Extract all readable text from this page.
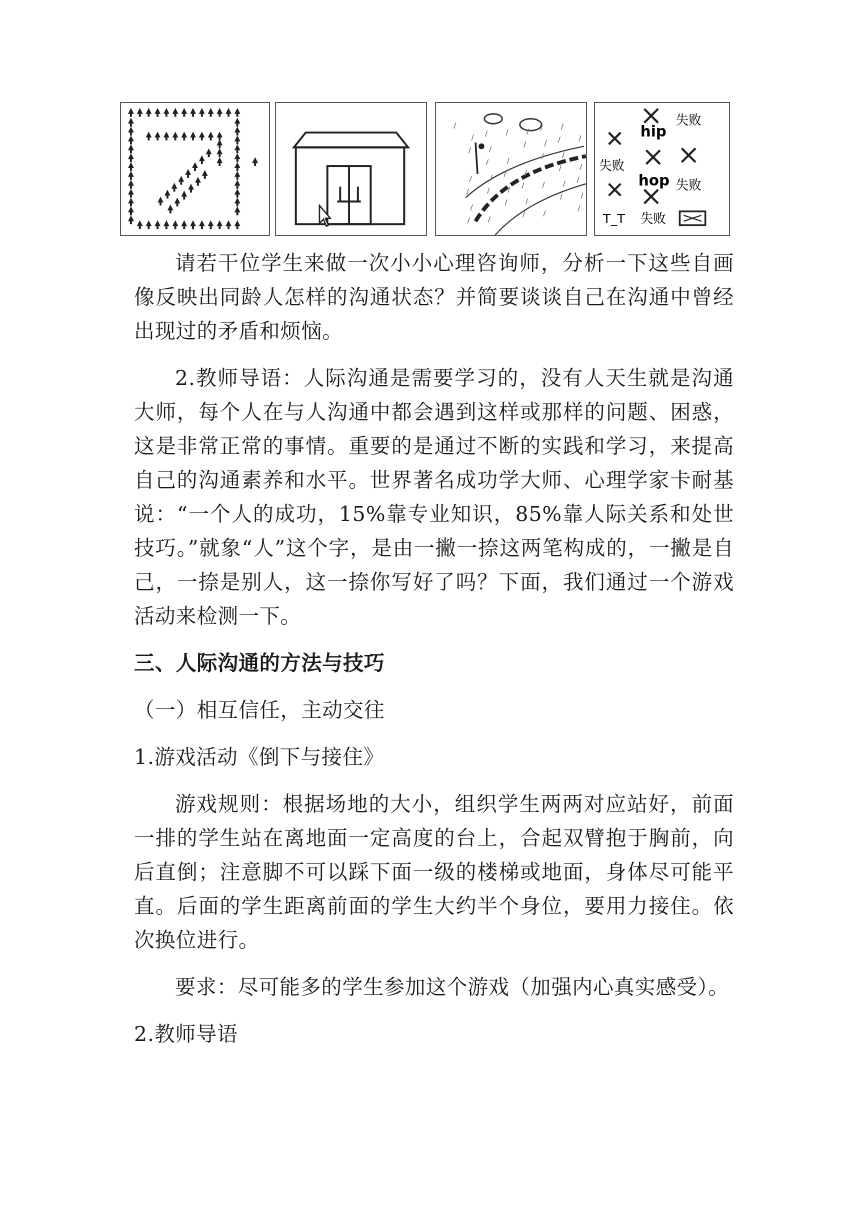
hip
失败
失败
hop 失败
T_T 失败

请若干位学生来做一次小小心理咨询师，分析一下这些自画像反映出同龄人怎样的沟通状态？并简要谈谈自己在沟通中曾经出现过的矛盾和烦恼。

2.教师导语：人际沟通是需要学习的，没有人天生就是沟通大师，每个人在与人沟通中都会遇到这样或那样的问题、困惑，这是非常正常的事情。重要的是通过不断的实践和学习，来提高自己的沟通素养和水平。世界著名成功学大师、心理学家卡耐基说：“一个人的成功，15%靠专业知识，85%靠人际关系和处世技巧。”就象“人”这个字，是由一撇一捺这两笔构成的，一撇是自己，一捺是别人，这一捺你写好了吗？下面，我们通过一个游戏活动来检测一下。

三、人际沟通的方法与技巧

（一）相互信任，主动交往

1.游戏活动《倒下与接住》

游戏规则：根据场地的大小，组织学生两两对应站好，前面一排的学生站在离地面一定高度的台上，合起双臂抱于胸前，向后直倒；注意脚不可以踩下面一级的楼梯或地面，身体尽可能平直。后面的学生距离前面的学生大约半个身位，要用力接住。依次换位进行。

要求：尽可能多的学生参加这个游戏（加强内心真实感受）。

2.教师导语
